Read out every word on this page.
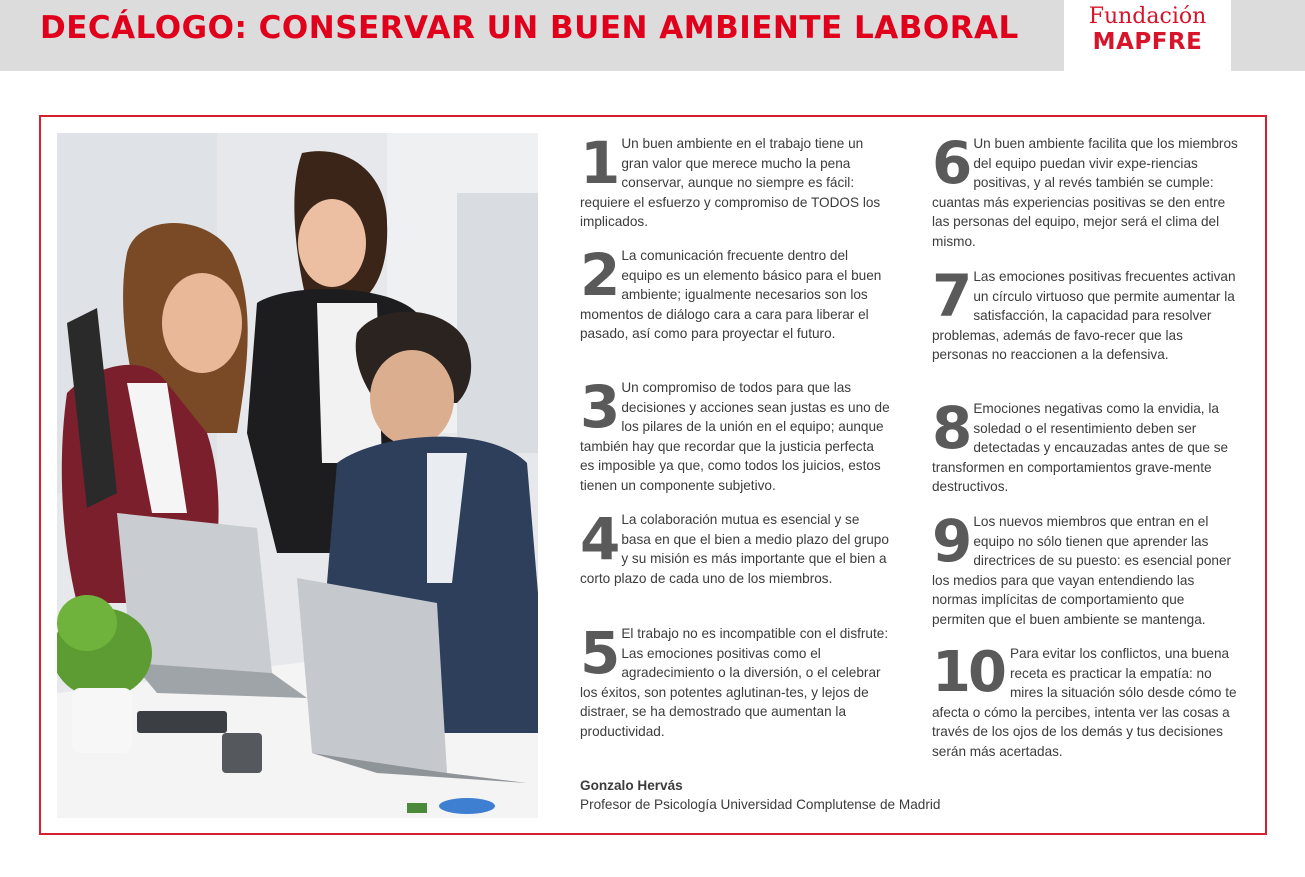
DECÁLOGO: CONSERVAR UN BUEN AMBIENTE LABORAL	Fundación
MAPFRE
1 Un buen ambiente en el trabajo tiene un gran valor que merece mucho la pena conservar, aunque no siempre es fácil: requiere el esfuerzo y compromiso de TODOS los implicados.
2 La comunicación frecuente dentro del equipo es un elemento básico para el buen ambiente; igualmente necesarios son los momentos de diálogo cara a cara para liberar el pasado, así como para proyectar el futuro.
3 Un compromiso de todos para que las decisiones y acciones sean justas es uno de los pilares de la unión en el equipo; aunque también hay que recordar que la justicia perfecta es imposible ya que, como todos los juicios, estos tienen un componente subjetivo.
4 La colaboración mutua es esencial y se basa en que el bien a medio plazo del grupo y su misión es más importante que el bien a corto plazo de cada uno de los miembros.
5 El trabajo no es incompatible con el disfrute: Las emociones positivas como el agradecimiento o la diversión, o el celebrar los éxitos, son potentes aglutinan-tes, y lejos de distraer, se ha demostrado que aumentan la productividad.
6 Un buen ambiente facilita que los miembros del equipo puedan vivir expe-riencias positivas, y al revés también se cumple: cuantas más experiencias positivas se den entre las personas del equipo, mejor será el clima del mismo.
7 Las emociones positivas frecuentes activan un círculo virtuoso que permite aumentar la satisfacción, la capacidad para resolver problemas, además de favo-recer que las personas no reaccionen a la defensiva.
8 Emociones negativas como la envidia, la soledad o el resentimiento deben ser detectadas y encauzadas antes de que se transformen en comportamientos grave-mente destructivos.
9 Los nuevos miembros que entran en el equipo no sólo tienen que aprender las directrices de su puesto: es esencial poner los medios para que vayan entendiendo las normas implícitas de comportamiento que permiten que el buen ambiente se mantenga.
10 Para evitar los conflictos, una buena receta es practicar la empatía: no mires la situación sólo desde cómo te afecta o cómo la percibes, intenta ver las cosas a través de los ojos de los demás y tus decisiones serán más acertadas.
Gonzalo Hervás
Profesor de Psicología Universidad Complutense de Madrid
